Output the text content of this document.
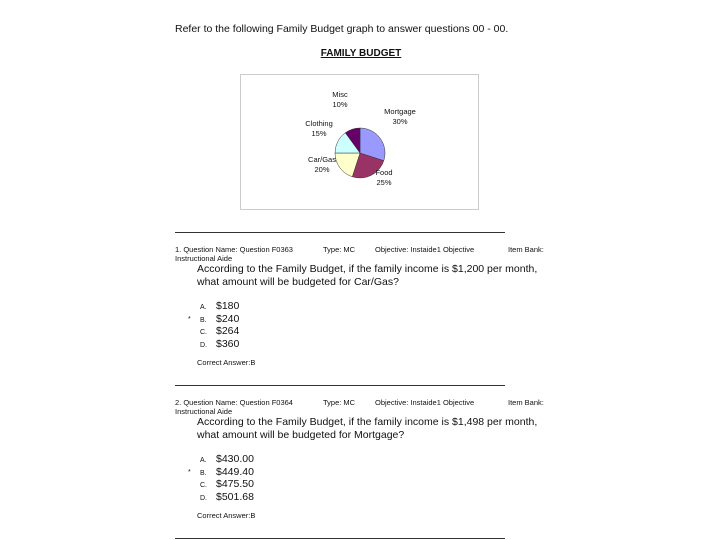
Refer to the following Family Budget graph to answer questions 00 - 00.
FAMILY BUDGET
Misc
10%
Mortgage
30%
Clothing
15%
Car/Gas
20%	Food
25%
1. Question Name: Question F0363	Type: MC	Objective: Instaide1 Objective	Item Bank:
Instructional Aide
According to the Family Budget, if the family income is $1,200 per month,
what amount will be budgeted for Car/Gas?
A. $180
* B. $240
C. $264
D. $360
Correct Answer:B
2. Question Name: Question F0364	Type: MC	Objective: Instaide1 Objective	Item Bank:
Instructional Aide
According to the Family Budget, if the family income is $1,498 per month,
what amount will be budgeted for Mortgage?
A. $430.00
* B. $449.40
C. $475.50
D. $501.68
Correct Answer:B
